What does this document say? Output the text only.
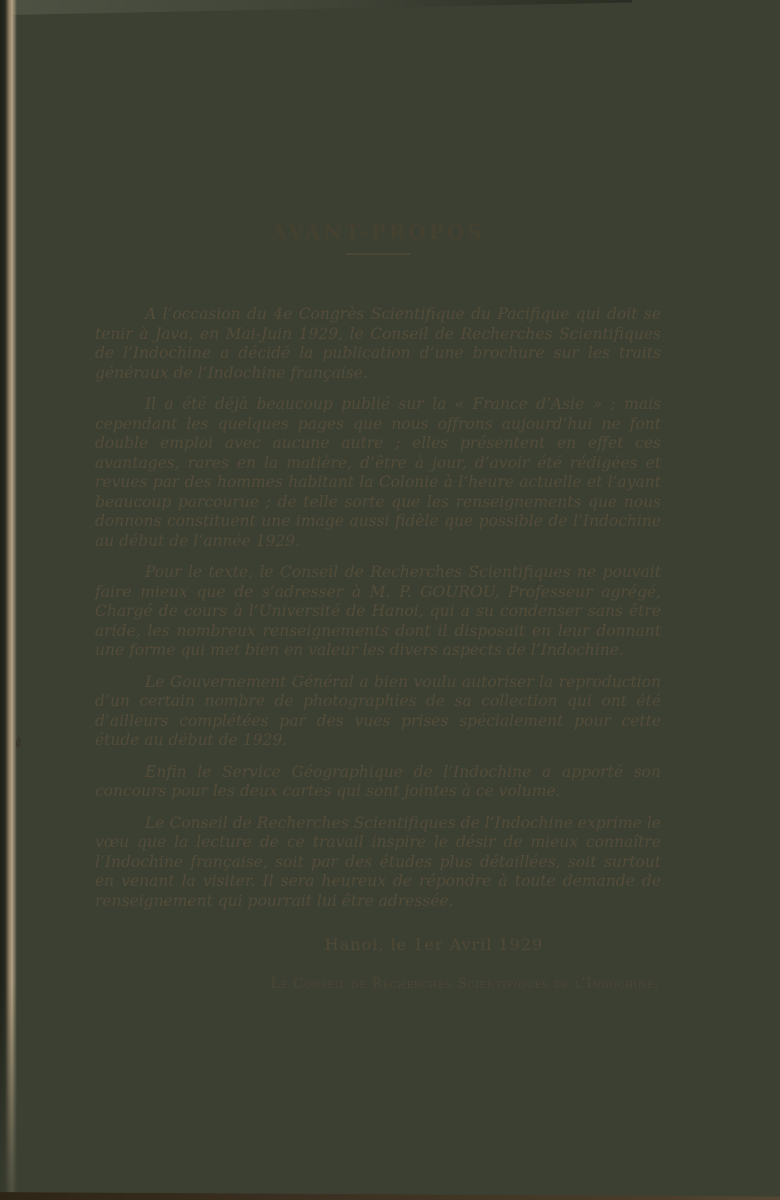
AVANT-PROPOS

A l’occasion du 4e Congrès Scientifique du Pacifique qui doit se tenir à Java, en Mai-Juin 1929, le Conseil de Recherches Scientifiques de l’Indochine a décidé la publication d’une brochure sur les traits généraux de l’Indochine française.

Il a été déjà beaucoup publié sur la « France d’Asie » ; mais cependant les quelques pages que nous offrons aujourd’hui ne font double emploi avec aucune autre ; elles présentent en effet ces avantages, rares en la matière, d’être à jour, d’avoir été rédigées et revues par des hommes habitant la Colonie à l’heure actuelle et l’ayant beaucoup parcourue ; de telle sorte que les renseignements que nous donnons constituent une image aussi fidèle que possible de l’Indochine au début de l’année 1929.

Pour le texte, le Conseil de Recherches Scientifiques ne pouvait faire mieux que de s’adresser à M. P. GOUROU, Professeur agrégé, Chargé de cours à l’Université de Hanoi, qui a su condenser sans être aride, les nombreux renseignements dont il disposait en leur donnant une forme qui met bien en valeur les divers aspects de l’Indochine.

Le Gouvernement Général a bien voulu autoriser la reproduction d’un certain nombre de photographies de sa collection qui ont été d’ailleurs complétées par des vues prises spécialement pour cette étude au début de 1929.

Enfin le Service Géographique de l’Indochine a apporté son concours pour les deux cartes qui sont jointes à ce volume.

Le Conseil de Recherches Scientifiques de l’Indochine exprime le vœu que la lecture de ce travail inspire le désir de mieux connaître l’Indochine française, soit par des études plus détaillées, soit surtout en venant la visiter. Il sera heureux de répondre à toute demande de renseignement qui pourrait lui être adressée.

Hanoi, le 1er Avril 1929
Le Conseil de Recherches Scientifiques de l’Indochine.
